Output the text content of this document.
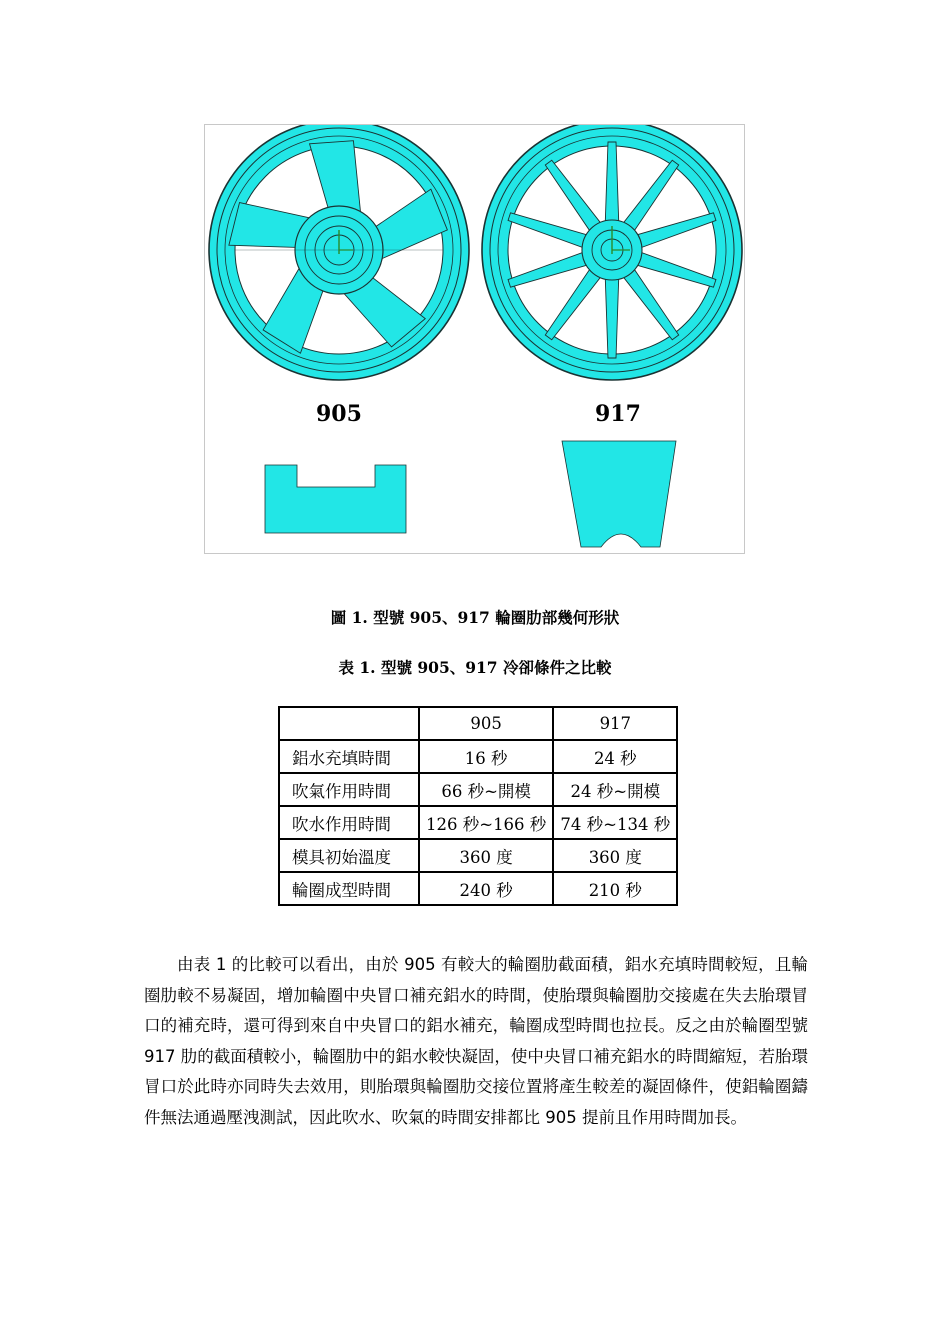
905	917
圖 1. 型號 905、917 輪圈肋部幾何形狀
表 1. 型號 905、917 冷卻條件之比較
	905	917
鋁水充填時間	16 秒	24 秒
吹氣作用時間	66 秒~開模	24 秒~開模
吹水作用時間	126 秒~166 秒	74 秒~134 秒
模具初始溫度	360 度	360 度
輪圈成型時間	240 秒	210 秒

由表 1 的比較可以看出，由於 905 有較大的輪圈肋截面積，鋁水充填時間較短，且輪圈肋較不易凝固，增加輪圈中央冒口補充鋁水的時間，使胎環與輪圈肋交接處在失去胎環冒口的補充時，還可得到來自中央冒口的鋁水補充，輪圈成型時間也拉長。反之由於輪圈型號 917 肋的截面積較小，輪圈肋中的鋁水較快凝固，使中央冒口補充鋁水的時間縮短，若胎環冒口於此時亦同時失去效用，則胎環與輪圈肋交接位置將產生較差的凝固條件，使鋁輪圈鑄件無法通過壓洩測試，因此吹水、吹氣的時間安排都比 905 提前且作用時間加長。
